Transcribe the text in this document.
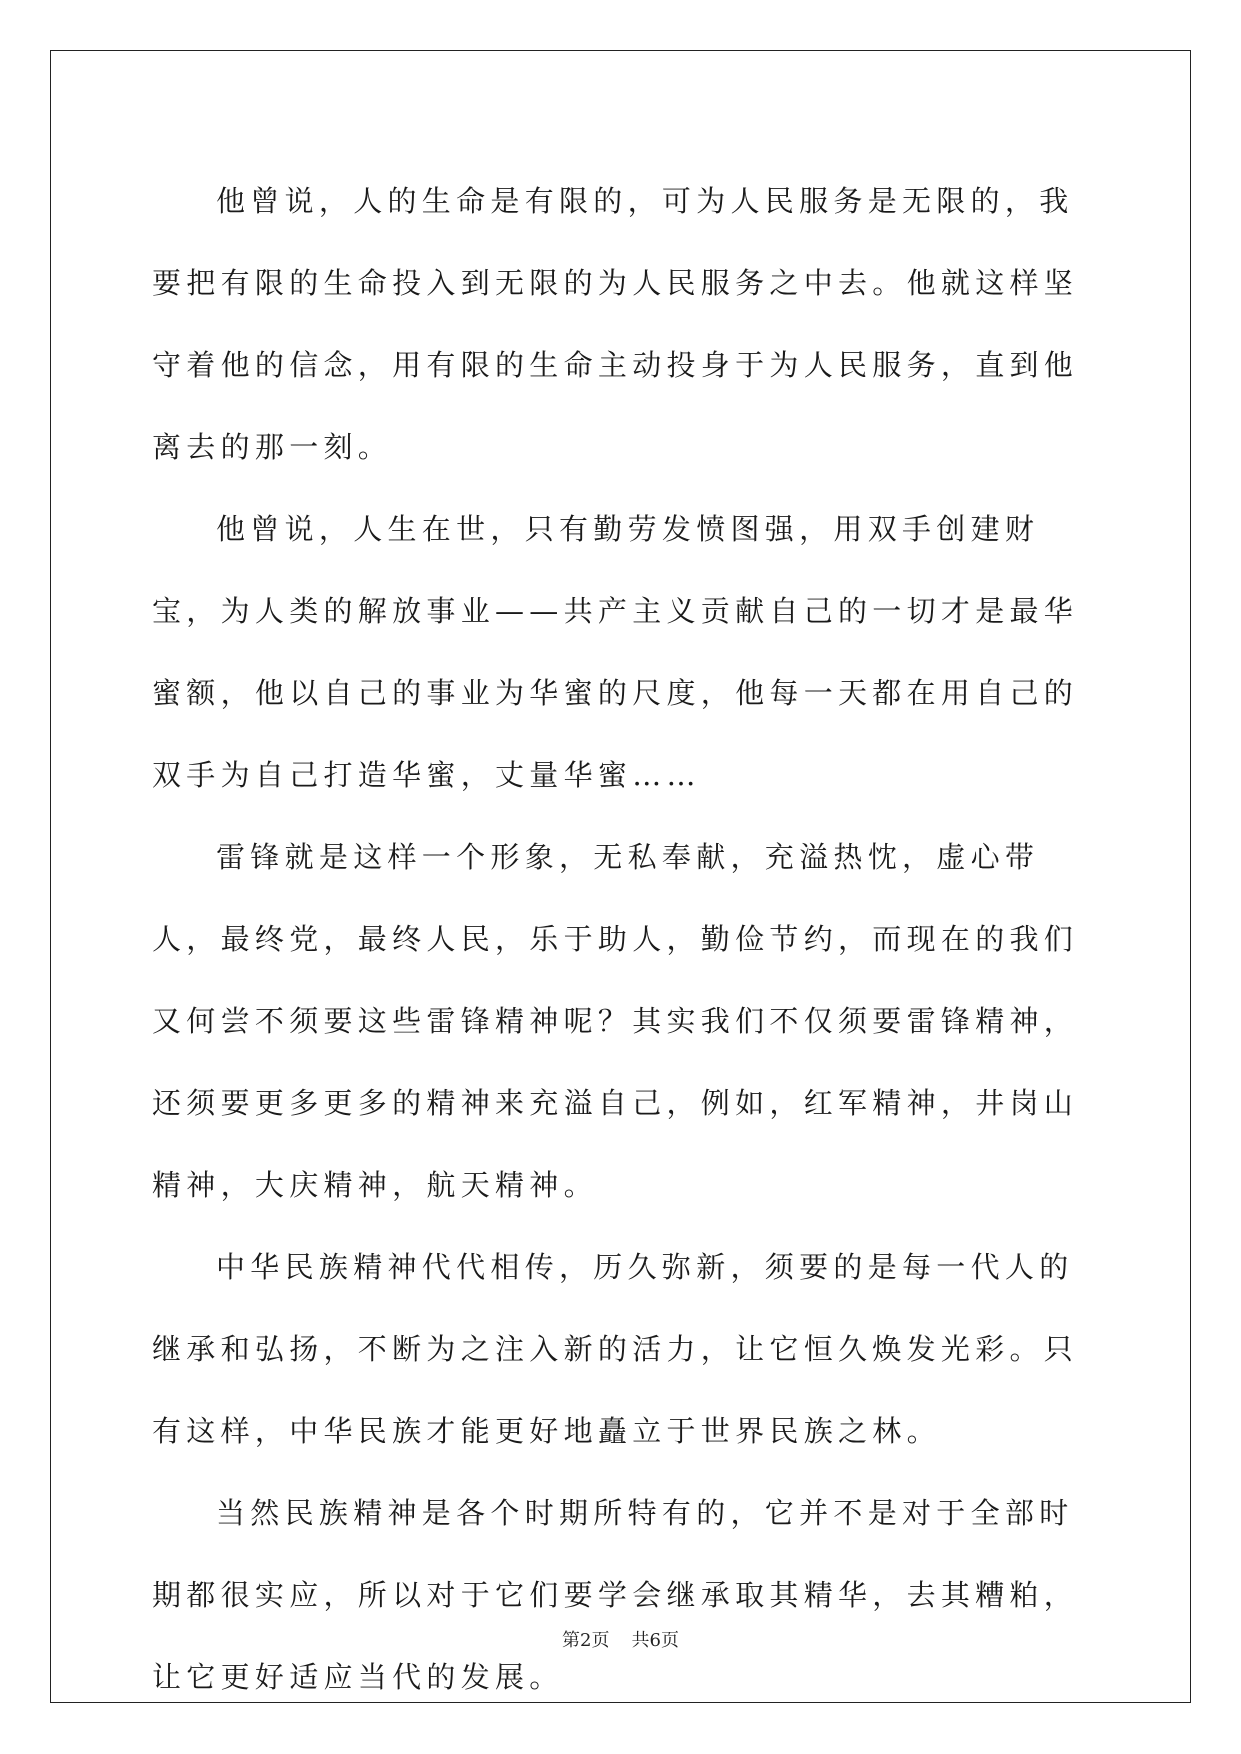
他曾说，人的生命是有限的，可为人民服务是无限的，我要把有限的生命投入到无限的为人民服务之中去。他就这样坚守着他的信念，用有限的生命主动投身于为人民服务，直到他离去的那一刻。

他曾说，人生在世，只有勤劳发愤图强，用双手创建财宝，为人类的解放事业——共产主义贡献自己的一切才是最华蜜额，他以自己的事业为华蜜的尺度，他每一天都在用自己的双手为自己打造华蜜，丈量华蜜……

雷锋就是这样一个形象，无私奉献，充溢热忱，虚心带人，最终党，最终人民，乐于助人，勤俭节约，而现在的我们又何尝不须要这些雷锋精神呢？其实我们不仅须要雷锋精神，还须要更多更多的精神来充溢自己，例如，红军精神，井岗山精神，大庆精神，航天精神。

中华民族精神代代相传，历久弥新，须要的是每一代人的继承和弘扬，不断为之注入新的活力，让它恒久焕发光彩。只有这样，中华民族才能更好地矗立于世界民族之林。

当然民族精神是各个时期所特有的，它并不是对于全部时期都很实应，所以对于它们要学会继承取其精华，去其糟粕，让它更好适应当代的发展。

第2页 共6页
